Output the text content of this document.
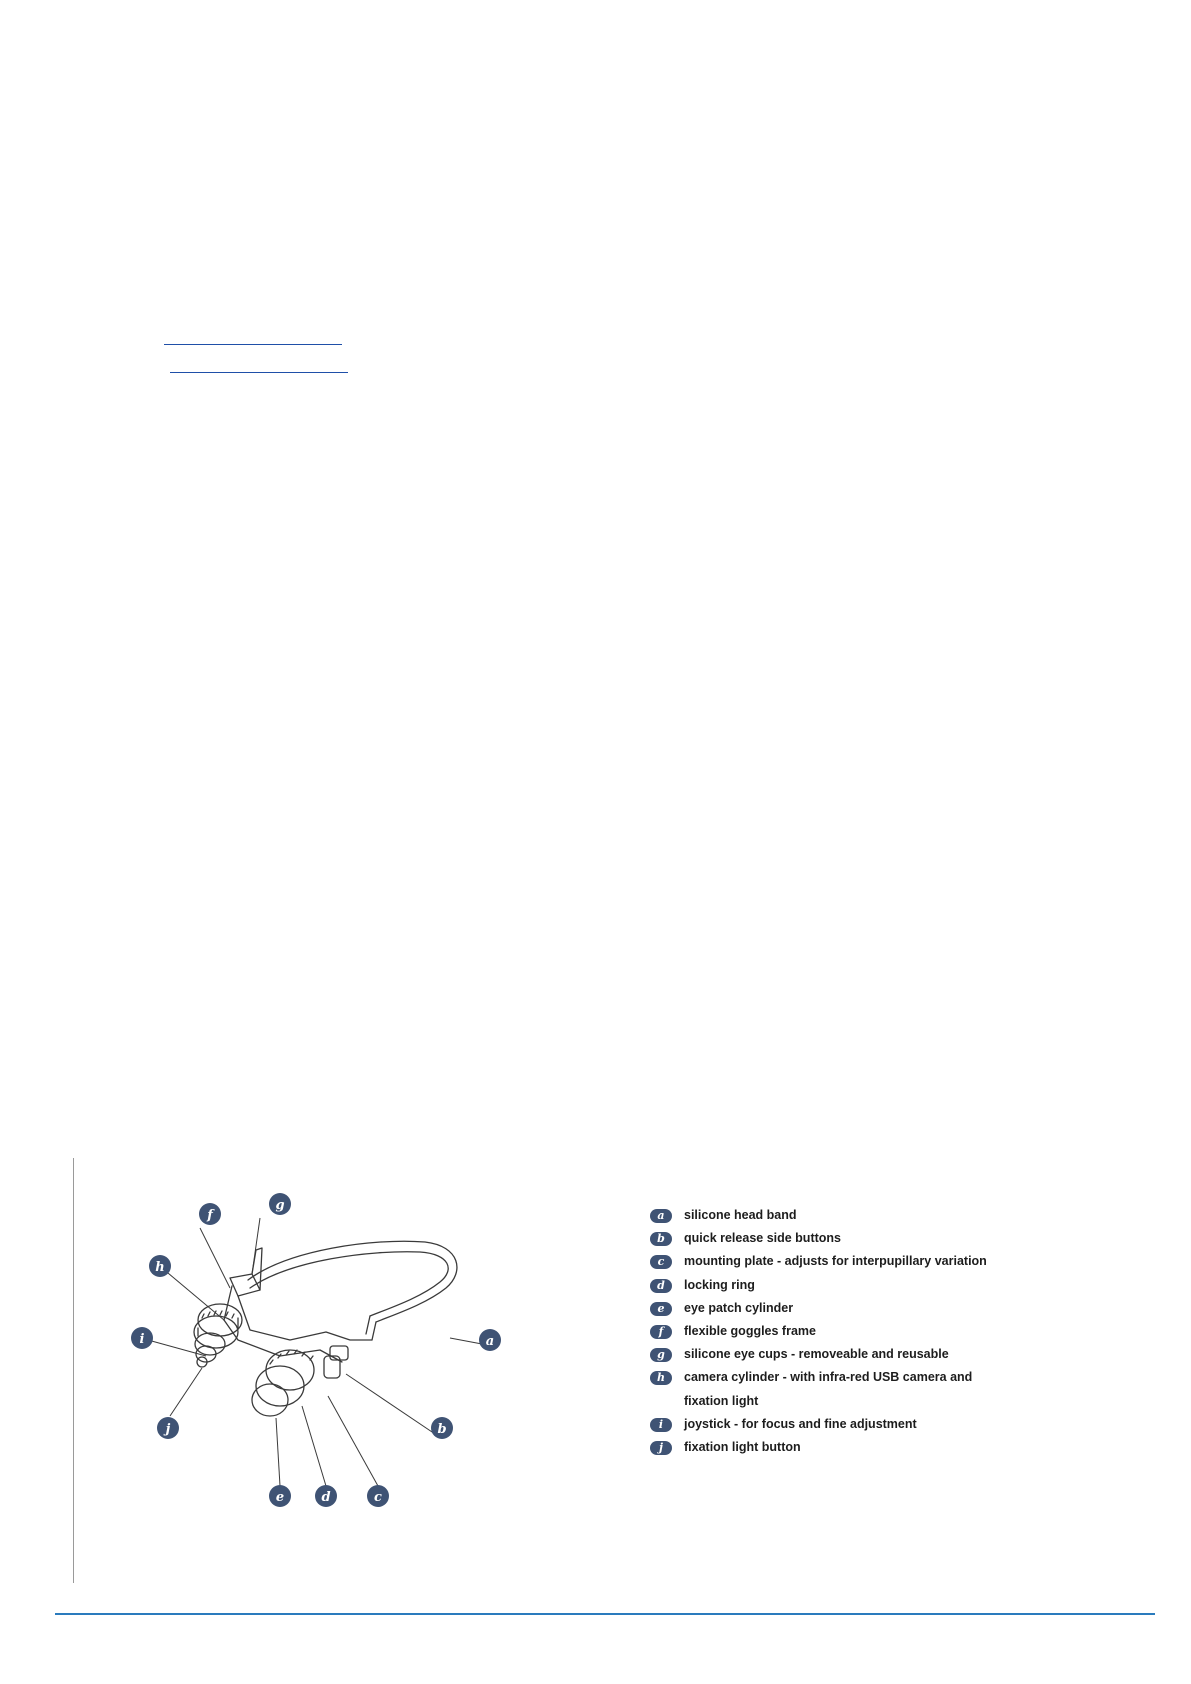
f
g
h
i
j
a
b
c
d
e
a	silicone head band
b	quick release side buttons
c	mounting plate - adjusts for interpupillary variation
d	locking ring
e	eye patch cylinder
f	flexible goggles frame
g	silicone eye cups - removeable and reusable
h	camera cylinder - with infra-red USB camera and fixation light
i	joystick - for focus and fine adjustment
j	fixation light button
